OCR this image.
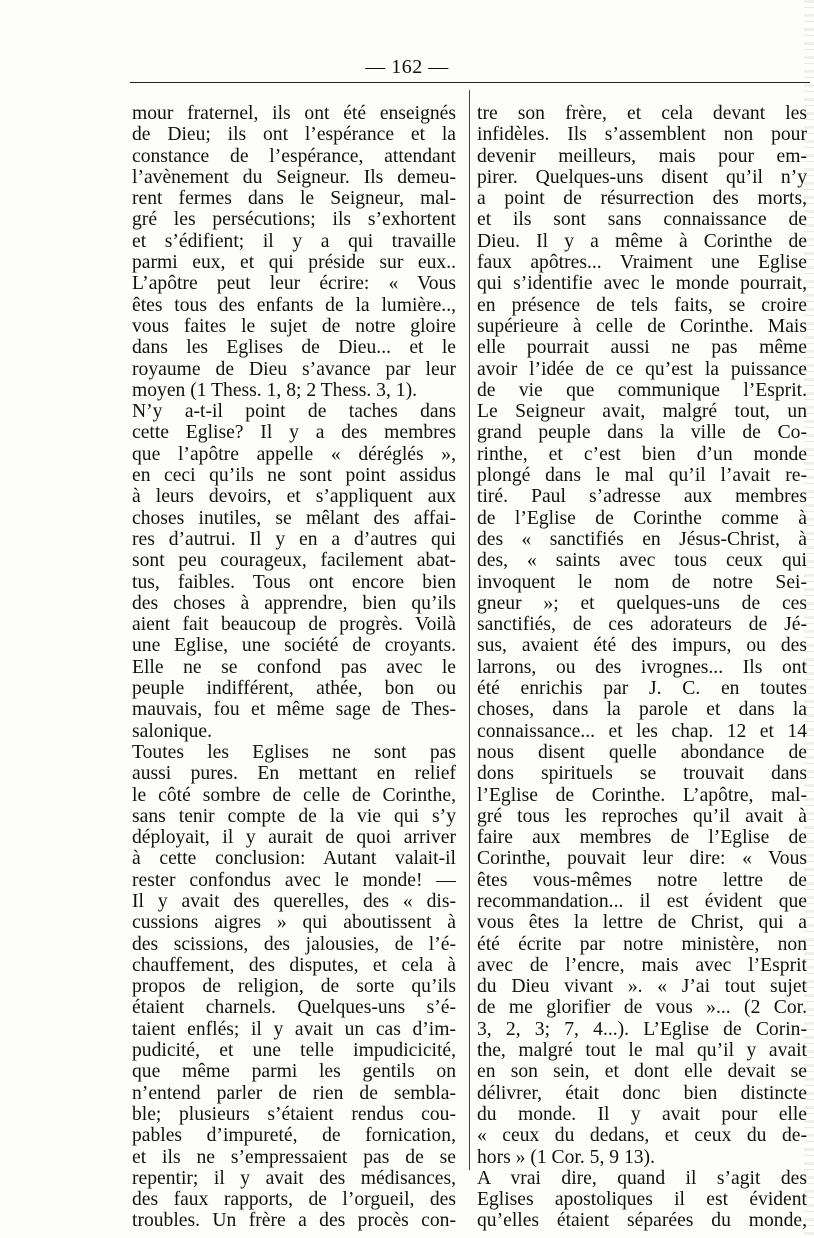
— 162 —
mour fraternel, ils ont été enseignés
de Dieu; ils ont l’espérance et la
constance de l’espérance, attendant
l’avènement du Seigneur. Ils demeu-
rent fermes dans le Seigneur, mal-
gré les persécutions; ils s’exhortent
et s’édifient; il y a qui travaille
parmi eux, et qui préside sur eux..
L’apôtre peut leur écrire: « Vous
êtes tous des enfants de la lumière..,
vous faites le sujet de notre gloire
dans les Eglises de Dieu... et le
royaume de Dieu s’avance par leur
moyen (1 Thess. 1, 8; 2 Thess. 3, 1).
N’y a-t-il point de taches dans
cette Eglise? Il y a des membres
que l’apôtre appelle « déréglés »,
en ceci qu’ils ne sont point assidus
à leurs devoirs, et s’appliquent aux
choses inutiles, se mêlant des affai-
res d’autrui. Il y en a d’autres qui
sont peu courageux, facilement abat-
tus, faibles. Tous ont encore bien
des choses à apprendre, bien qu’ils
aient fait beaucoup de progrès. Voilà
une Eglise, une société de croyants.
Elle ne se confond pas avec le
peuple indifférent, athée, bon ou
mauvais, fou et même sage de Thes-
salonique.
Toutes les Eglises ne sont pas
aussi pures. En mettant en relief
le côté sombre de celle de Corinthe,
sans tenir compte de la vie qui s’y
déployait, il y aurait de quoi arriver
à cette conclusion: Autant valait-il
rester confondus avec le monde! —
Il y avait des querelles, des « dis-
cussions aigres » qui aboutissent à
des scissions, des jalousies, de l’é-
chauffement, des disputes, et cela à
propos de religion, de sorte qu’ils
étaient charnels. Quelques-uns s’é-
taient enflés; il y avait un cas d’im-
pudicité, et une telle impudicicité,
que même parmi les gentils on
n’entend parler de rien de sembla-
ble; plusieurs s’étaient rendus cou-
pables d’impureté, de fornication,
et ils ne s’empressaient pas de se
repentir; il y avait des médisances,
des faux rapports, de l’orgueil, des
troubles. Un frère a des procès con-
tre son frère, et cela devant les
infidèles. Ils s’assemblent non pour
devenir meilleurs, mais pour em-
pirer. Quelques-uns disent qu’il n’y
a point de résurrection des morts,
et ils sont sans connaissance de
Dieu. Il y a même à Corinthe de
faux apôtres... Vraiment une Eglise
qui s’identifie avec le monde pourrait,
en présence de tels faits, se croire
supérieure à celle de Corinthe. Mais
elle pourrait aussi ne pas même
avoir l’idée de ce qu’est la puissance
de vie que communique l’Esprit.
Le Seigneur avait, malgré tout, un
grand peuple dans la ville de Co-
rinthe, et c’est bien d’un monde
plongé dans le mal qu’il l’avait re-
tiré. Paul s’adresse aux membres
de l’Eglise de Corinthe comme à
des « sanctifiés en Jésus-Christ, à
des, « saints avec tous ceux qui
invoquent le nom de notre Sei-
gneur »; et quelques-uns de ces
sanctifiés, de ces adorateurs de Jé-
sus, avaient été des impurs, ou des
larrons, ou des ivrognes... Ils ont
été enrichis par J. C. en toutes
choses, dans la parole et dans la
connaissance... et les chap. 12 et 14
nous disent quelle abondance de
dons spirituels se trouvait dans
l’Eglise de Corinthe. L’apôtre, mal-
gré tous les reproches qu’il avait à
faire aux membres de l’Eglise de
Corinthe, pouvait leur dire: « Vous
êtes vous-mêmes notre lettre de
recommandation... il est évident que
vous êtes la lettre de Christ, qui a
été écrite par notre ministère, non
avec de l’encre, mais avec l’Esprit
du Dieu vivant ». « J’ai tout sujet
de me glorifier de vous »... (2 Cor.
3, 2, 3; 7, 4...). L’Eglise de Corin-
the, malgré tout le mal qu’il y avait
en son sein, et dont elle devait se
délivrer, était donc bien distincte
du monde. Il y avait pour elle
« ceux du dedans, et ceux du de-
hors » (1 Cor. 5, 9 13).
A vrai dire, quand il s’agit des
Eglises apostoliques il est évident
qu’elles étaient séparées du monde,
